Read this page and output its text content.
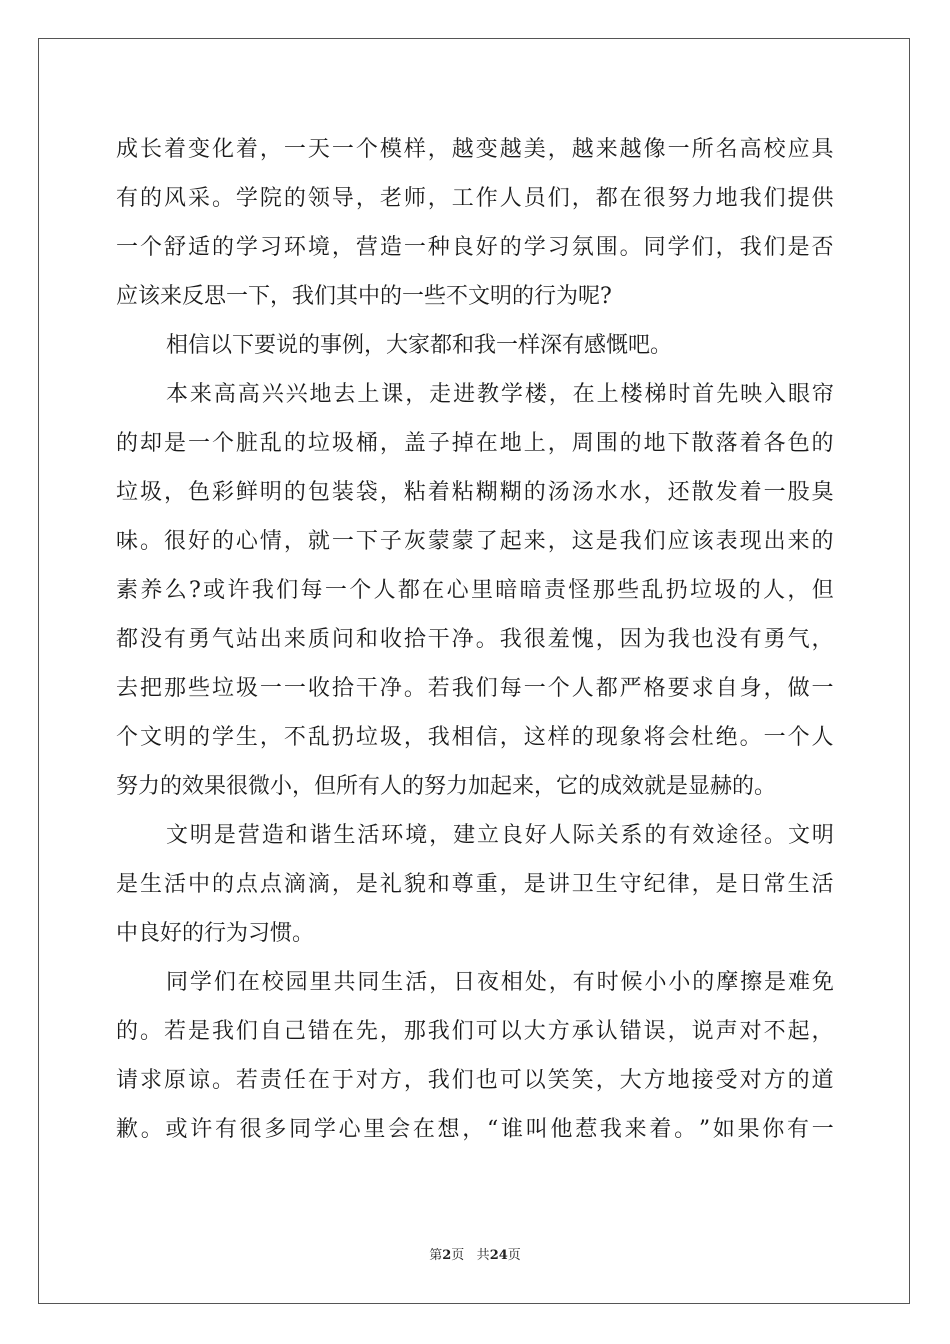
成 长 着 变 化 着 ， 一 天 一 个 模 样 ， 越 变 越 美 ， 越 来 越 像 一 所 名 高 校 应 具
有 的 风 采 。 学 院 的 领 导 ， 老 师 ， 工 作 人 员 们 ， 都 在 很 努 力 地 我 们 提 供
一 个 舒 适 的 学 习 环 境 ， 营 造 一 种 良 好 的 学 习 氛 围 。 同 学 们 ， 我 们 是 否
应该来反思一下，我们其中的一些不文明的行为呢?
相信以下要说的事例，大家都和我一样深有感慨吧。
本 来 高 高 兴 兴 地 去 上 课 ， 走 进 教 学 楼 ， 在 上 楼 梯 时 首 先 映 入 眼 帘
的 却 是 一 个 脏 乱 的 垃 圾 桶 ， 盖 子 掉 在 地 上 ， 周 围 的 地 下 散 落 着 各 色 的
垃 圾 ， 色 彩 鲜 明 的 包 装 袋 ， 粘 着 粘 糊 糊 的 汤 汤 水 水 ， 还 散 发 着 一 股 臭
味 。 很 好 的 心 情 ， 就 一 下 子 灰 蒙 蒙 了 起 来 ， 这 是 我 们 应 该 表 现 出 来 的
素 养 么 ? 或 许 我 们 每 一 个 人 都 在 心 里 暗 暗 责 怪 那 些 乱 扔 垃 圾 的 人 ， 但
都 没 有 勇 气 站 出 来 质 问 和 收 拾 干 净 。 我 很 羞 愧 ， 因 为 我 也 没 有 勇 气 ，
去 把 那 些 垃 圾 一 一 收 拾 干 净 。 若 我 们 每 一 个 人 都 严 格 要 求 自 身 ， 做 一
个 文 明 的 学 生 ， 不 乱 扔 垃 圾 ， 我 相 信 ， 这 样 的 现 象 将 会 杜 绝 。 一 个 人
努力的效果很微小，但所有人的努力加起来，它的成效就是显赫的。
文 明 是 营 造 和 谐 生 活 环 境 ， 建 立 良 好 人 际 关 系 的 有 效 途 径 。 文 明
是 生 活 中 的 点 点 滴 滴 ， 是 礼 貌 和 尊 重 ， 是 讲 卫 生 守 纪 律 ， 是 日 常 生 活
中良好的行为习惯。
同 学 们 在 校 园 里 共 同 生 活 ， 日 夜 相 处 ， 有 时 候 小 小 的 摩 擦 是 难 免
的 。 若 是 我 们 自 己 错 在 先 ， 那 我 们 可 以 大 方 承 认 错 误 ， 说 声 对 不 起 ，
请 求 原 谅 。 若 责 任 在 于 对 方 ， 我 们 也 可 以 笑 笑 ， 大 方 地 接 受 对 方 的 道
歉 。 或 许 有 很 多 同 学 心 里 会 在 想 ， “ 谁 叫 他 惹 我 来 着 。 ” 如 果 你 有 一
第2页 共24页
